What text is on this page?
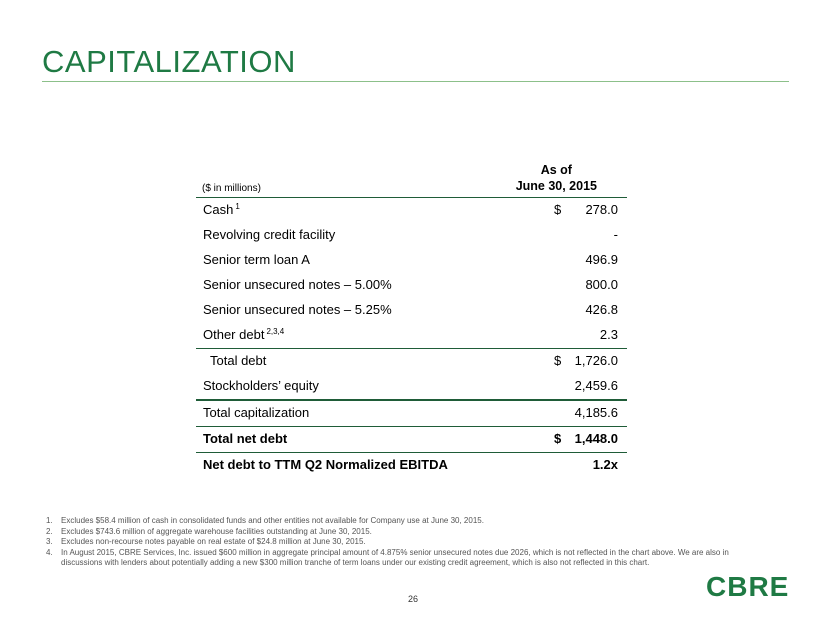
CAPITALIZATION
($ in millions)
As of
June 30, 2015
Cash $^1$	$ 278.0
Revolving credit facility	-
Senior term loan A	496.9
Senior unsecured notes – 5.00%	800.0
Senior unsecured notes – 5.25%	426.8
Other debt $^{2,3,4}$	2.3
Total debt	$ 1,726.0
Stockholders’ equity	2,459.6
Total capitalization	4,185.6
Total net debt	$ 1,448.0
Net debt to TTM Q2 Normalized EBITDA	1.2x
1. Excludes $58.4 million of cash in consolidated funds and other entities not available for Company use at June 30, 2015.
2. Excludes $743.6 million of aggregate warehouse facilities outstanding at June 30, 2015.
3. Excludes non-recourse notes payable on real estate of $24.8 million at June 30, 2015.
4. In August 2015, CBRE Services, Inc. issued $600 million in aggregate principal amount of 4.875% senior unsecured notes due 2026, which is not reflected in the chart above. We are also in discussions with lenders about potentially adding a new $300 million tranche of term loans under our existing credit agreement, which is also not reflected in this chart.
26	CBRE
